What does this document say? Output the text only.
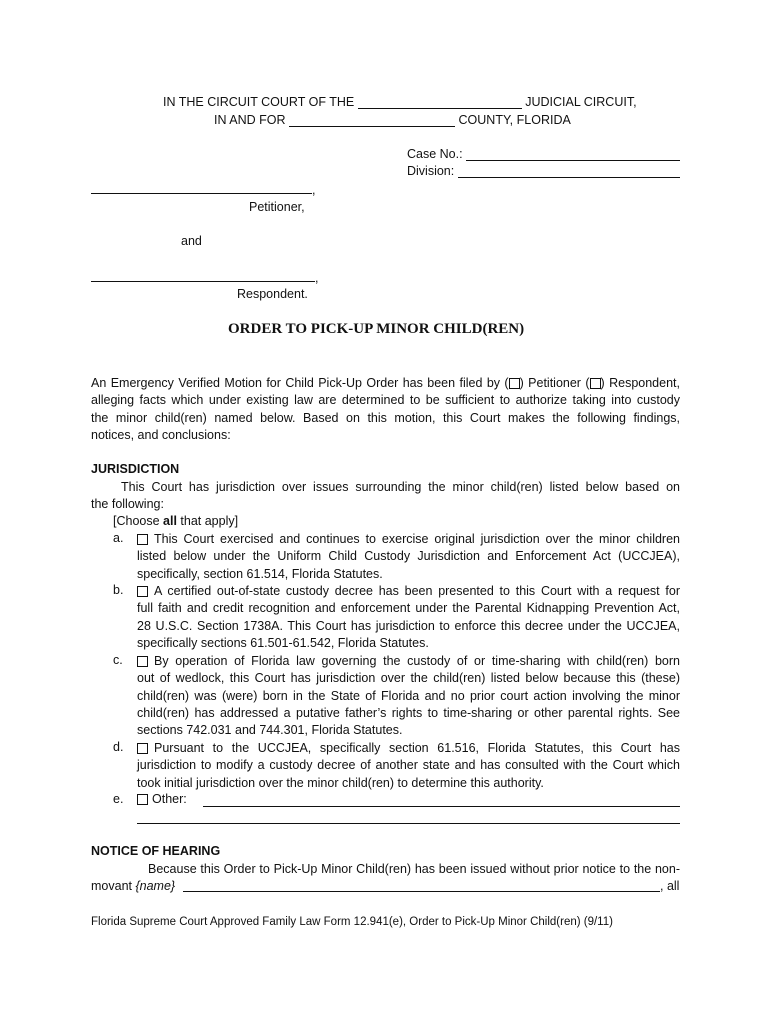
IN THE CIRCUIT COURT OF THE	JUDICIAL CIRCUIT,
IN AND FOR	COUNTY, FLORIDA
Case No.:
Division:
,
Petitioner,
and
,
Respondent.
ORDER TO PICK-UP MINOR CHILD(REN)
An Emergency Verified Motion for Child Pick-Up Order has been filed by ( ) Petitioner ( ) Respondent,
alleging facts which under existing law are determined to be sufficient to authorize taking into custody
the minor child(ren) named below. Based on this motion, this Court makes the following findings,
notices, and conclusions:
JURISDICTION
This Court has jurisdiction over issues surrounding the minor child(ren) listed below based on
the following:
[Choose all that apply]
a.	This Court exercised and continues to exercise original jurisdiction over the minor children
listed below under the Uniform Child Custody Jurisdiction and Enforcement Act (UCCJEA),
specifically, section 61.514, Florida Statutes.
b.	A certified out-of-state custody decree has been presented to this Court with a request for
full faith and credit recognition and enforcement under the Parental Kidnapping Prevention Act,
28 U.S.C. Section 1738A. This Court has jurisdiction to enforce this decree under the UCCJEA,
specifically sections 61.501-61.542, Florida Statutes.
c.	By operation of Florida law governing the custody of or time-sharing with child(ren) born
out of wedlock, this Court has jurisdiction over the child(ren) listed below because this (these)
child(ren) was (were) born in the State of Florida and no prior court action involving the minor
child(ren) has addressed a putative father’s rights to time-sharing or other parental rights. See
sections 742.031 and 744.301, Florida Statutes.
d.	Pursuant to the UCCJEA, specifically section 61.516, Florida Statutes, this Court has
jurisdiction to modify a custody decree of another state and has consulted with the Court which
took initial jurisdiction over the minor child(ren) to determine this authority.
e.	Other:
NOTICE OF HEARING
Because this Order to Pick-Up Minor Child(ren) has been issued without prior notice to the non-
movant {name}	, all
Florida Supreme Court Approved Family Law Form 12.941(e), Order to Pick-Up Minor Child(ren) (9/11)
